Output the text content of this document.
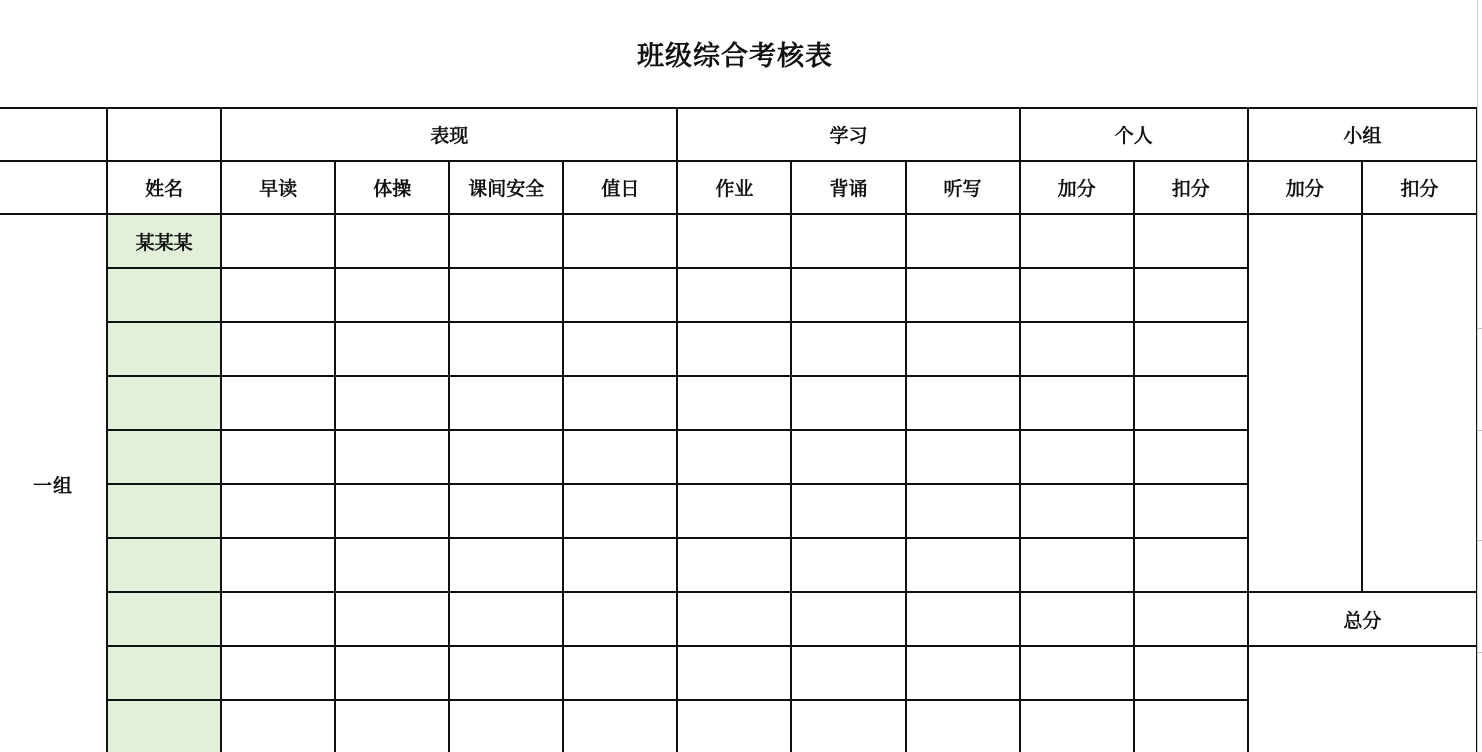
班级综合考核表
		表现				学习			个人		小组	
	姓名	早读	体操	课间安全	值日	作业	背诵	听写	加分	扣分	加分	扣分
一组	某某某											

											总分	
